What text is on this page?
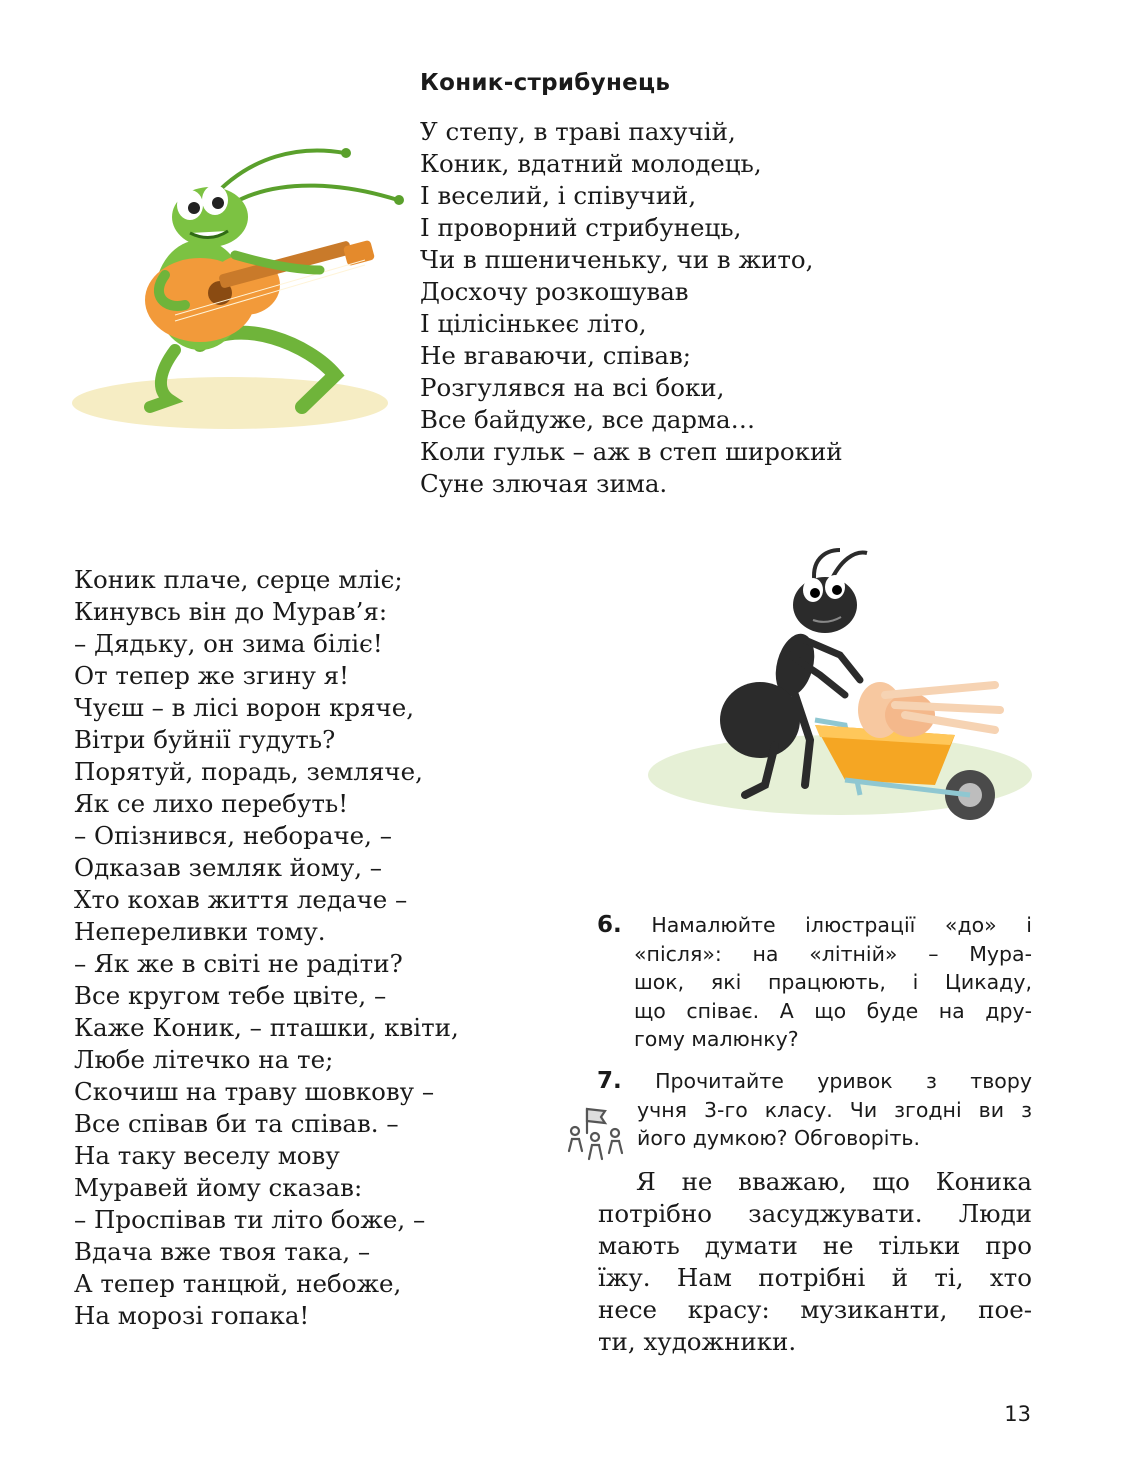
Коник-стрибунець
У степу, в траві пахучій,
Коник, вдатний молодець,
І веселий, і співучий,
І проворний стрибунець,
Чи в пшениченьку, чи в жито,
Досхочу розкошував
І цілісінькеє літо,
Не вгаваючи, співав;
Розгулявся на всі боки,
Все байдуже, все дарма…
Коли гульк – аж в степ широкий
Суне злючая зима.
Коник плаче, серце мліє;
Кинувсь він до Мурав’я:
– Дядьку, он зима біліє!
От тепер же згину я!
Чуєш – в лісі ворон кряче,
Вітри буйнії гудуть?
Порятуй, порадь, земляче,
Як се лихо перебуть!
– Опізнився, небораче, –
Одказав земляк йому, –
Хто кохав життя ледаче –
Непереливки тому.
– Як же в світі не радіти?
Все кругом тебе цвіте, –
Каже Коник, – пташки, квіти,
Любе літечко на те;
Скочиш на траву шовкову –
Все співав би та співав. –
На таку веселу мову
Муравей йому сказав:
– Проспівав ти літо боже, –
Вдача вже твоя така, –
А тепер танцюй, небоже,
На морозі гопака!
6. Намалюйте ілюстрації «до» і
«після»: на «літній» – Мура-
шок, які працюють, і Цикаду,
що співає. А що буде на дру-
гому малюнку?
7. Прочитайте уривок з твору
учня 3-го класу. Чи згодні ви з
його думкою? Обговоріть.
Я не вважаю, що Коника
потрібно засуджувати. Люди
мають думати не тільки про
їжу. Нам потрібні й ті, хто
несе красу: музиканти, пое-
ти, художники.
13
